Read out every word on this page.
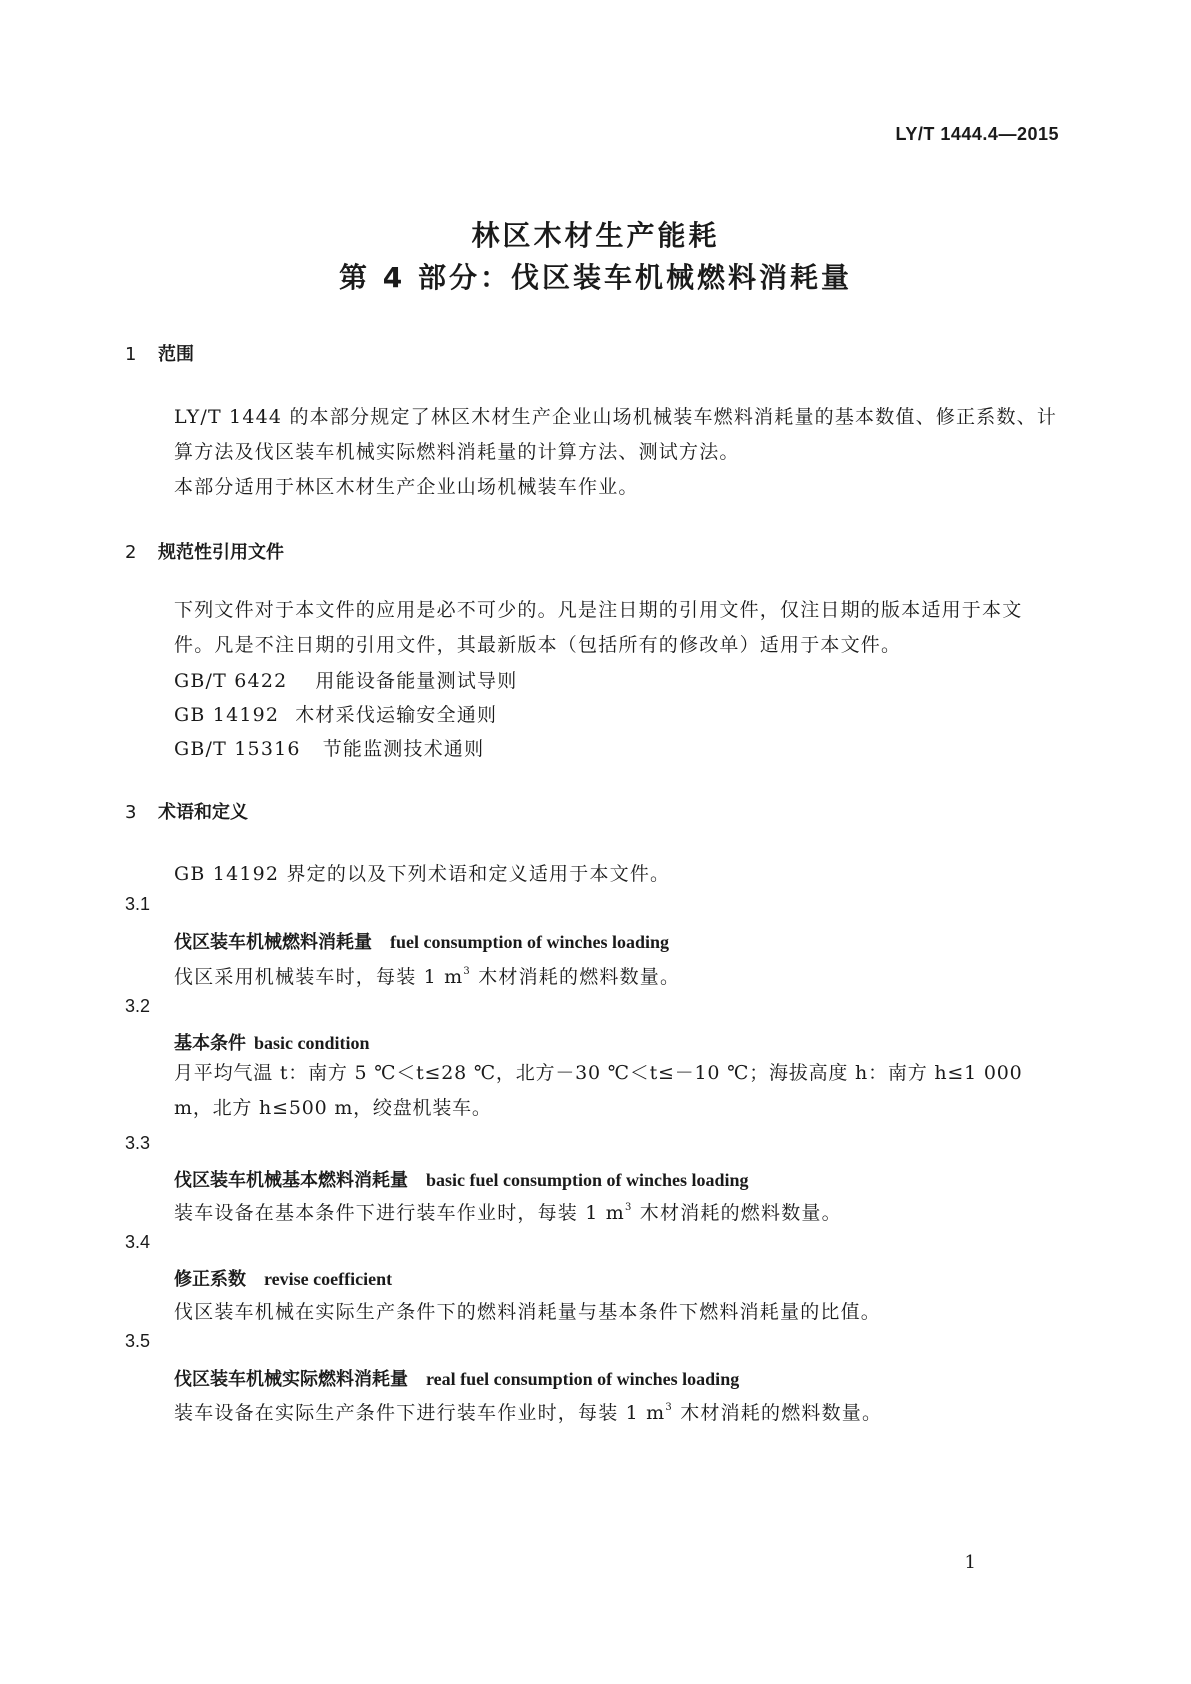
LY/T 1444.4—2015
林区木材生产能耗
第 4 部分：伐区装车机械燃料消耗量
1 范围
LY/T 1444 的本部分规定了林区木材生产企业山场机械装车燃料消耗量的基本数值、修正系数、计算方法及伐区装车机械实际燃料消耗量的计算方法、测试方法。
本部分适用于林区木材生产企业山场机械装车作业。
2 规范性引用文件
下列文件对于本文件的应用是必不可少的。凡是注日期的引用文件，仅注日期的版本适用于本文件。凡是不注日期的引用文件，其最新版本（包括所有的修改单）适用于本文件。
GB/T 6422 用能设备能量测试导则
GB 14192 木材采伐运输安全通则
GB/T 15316 节能监测技术通则
3 术语和定义
GB 14192 界定的以及下列术语和定义适用于本文件。
3.1
伐区装车机械燃料消耗量 fuel consumption of winches loading
伐区采用机械装车时，每装 1 $m^3$ 木材消耗的燃料数量。
3.2
基本条件 basic condition
月平均气温 t：南方 5 ℃＜t≤28 ℃，北方－30 ℃＜t≤－10 ℃；海拔高度 h：南方 h≤1 000 m，北方 h≤500 m，绞盘机装车。
3.3
伐区装车机械基本燃料消耗量 basic fuel consumption of winches loading
装车设备在基本条件下进行装车作业时，每装 1 $m^3$ 木材消耗的燃料数量。
3.4
修正系数 revise coefficient
伐区装车机械在实际生产条件下的燃料消耗量与基本条件下燃料消耗量的比值。
3.5
伐区装车机械实际燃料消耗量 real fuel consumption of winches loading
装车设备在实际生产条件下进行装车作业时，每装 1 $m^3$ 木材消耗的燃料数量。
1
